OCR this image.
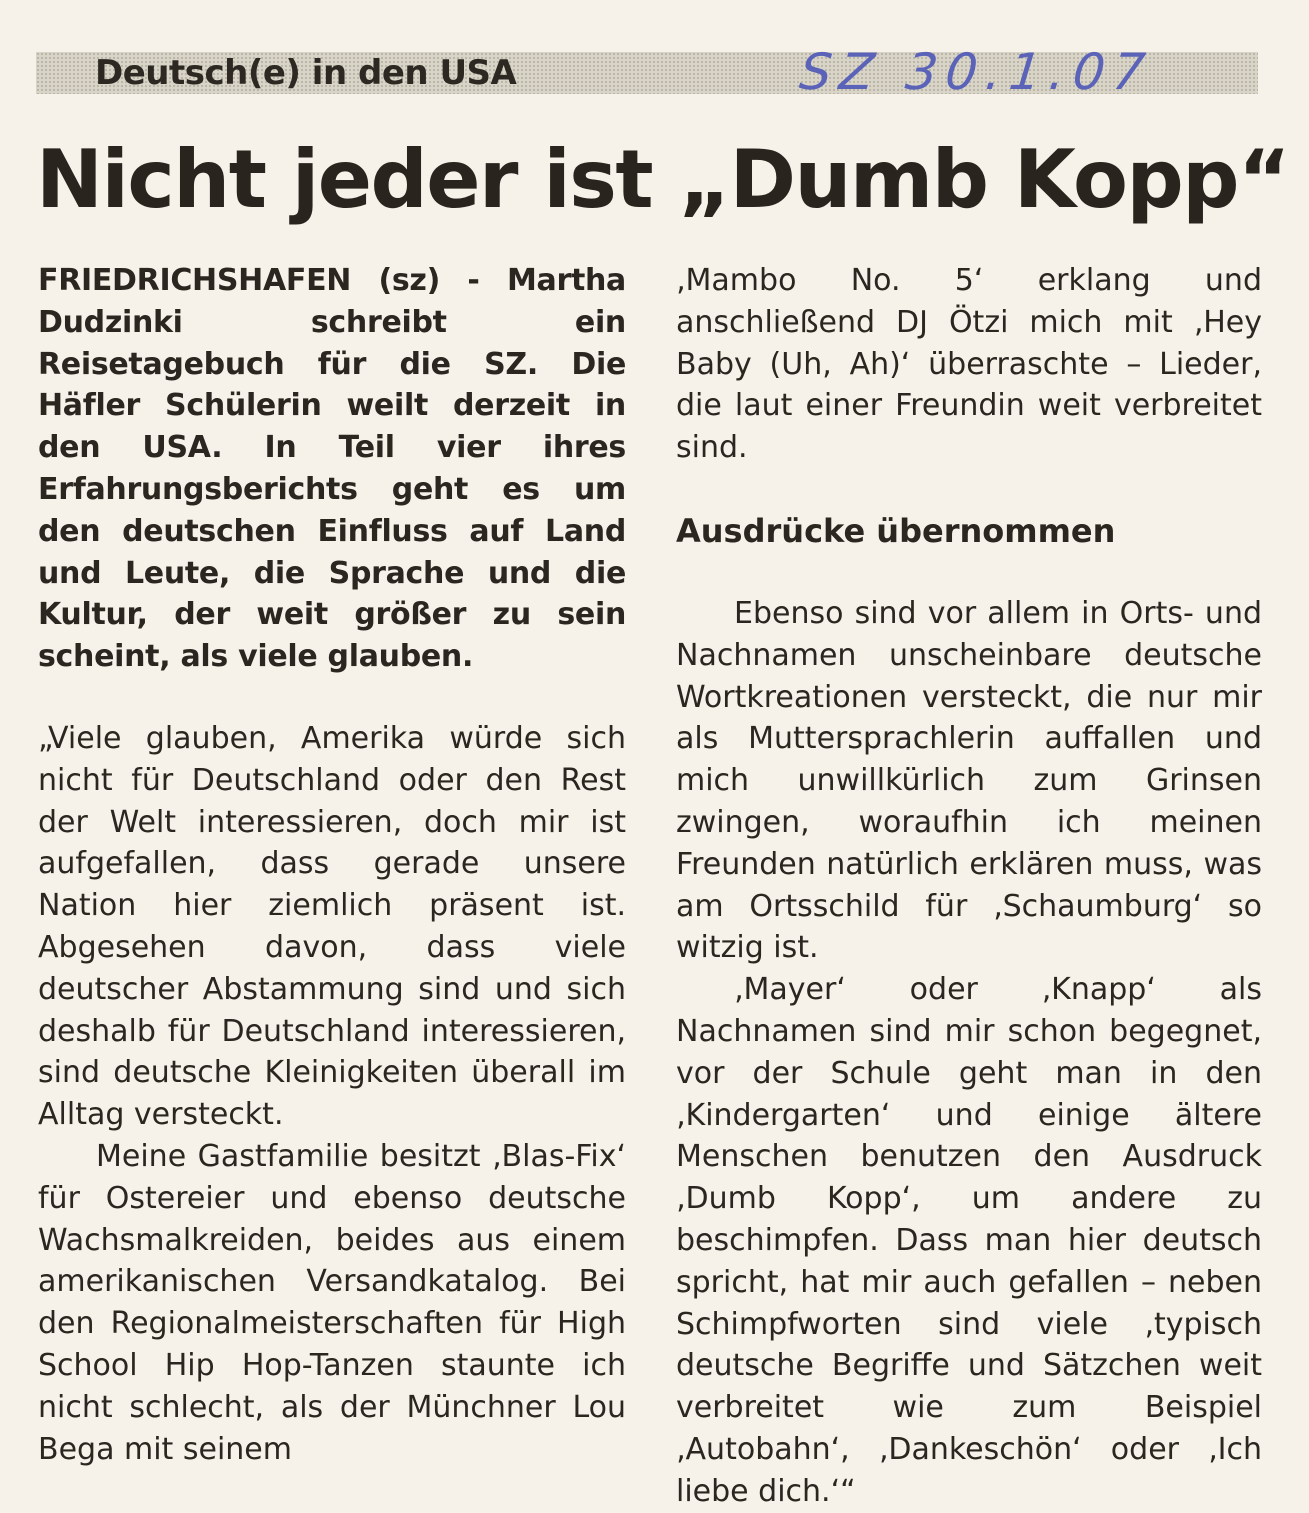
Deutsch(e) in den USA	SZ 30.1.07
Nicht jeder ist „Dumb Kopp“

FRIEDRICHSHAFEN (sz) - Martha Dudzinki schreibt ein Reisetagebuch für die SZ. Die Häfler Schülerin weilt derzeit in den USA. In Teil vier ihres Erfahrungsberichts geht es um den deutschen Einfluss auf Land und Leute, die Sprache und die Kultur, der weit größer zu sein scheint, als viele glauben.

„Viele glauben, Amerika würde sich nicht für Deutschland oder den Rest der Welt interessieren, doch mir ist aufgefallen, dass gerade unsere Nation hier ziemlich präsent ist. Abgesehen davon, dass viele deutscher Abstammung sind und sich deshalb für Deutschland interessieren, sind deutsche Kleinigkeiten überall im Alltag versteckt.

Meine Gastfamilie besitzt ‚Blas-Fix‘ für Ostereier und ebenso deutsche Wachsmalkreiden, beides aus einem amerikanischen Versandkatalog. Bei den Regionalmeisterschaften für High School Hip Hop-Tanzen staunte ich nicht schlecht, als der Münchner Lou Bega mit seinem

‚Mambo No. 5‘ erklang und anschließend DJ Ötzi mich mit ‚Hey Baby (Uh, Ah)‘ überraschte – Lieder, die laut einer Freundin weit verbreitet sind.

Ausdrücke übernommen

Ebenso sind vor allem in Orts- und Nachnamen unscheinbare deutsche Wortkreationen versteckt, die nur mir als Muttersprachlerin auffallen und mich unwillkürlich zum Grinsen zwingen, woraufhin ich meinen Freunden natürlich erklären muss, was am Ortsschild für ‚Schaumburg‘ so witzig ist.

‚Mayer‘ oder ‚Knapp‘ als Nachnamen sind mir schon begegnet, vor der Schule geht man in den ‚Kindergarten‘ und einige ältere Menschen benutzen den Ausdruck ‚Dumb Kopp‘, um andere zu beschimpfen. Dass man hier deutsch spricht, hat mir auch gefallen – neben Schimpfworten sind viele ‚typisch deutsche Begriffe und Sätzchen weit verbreitet wie zum Beispiel ‚Autobahn‘, ‚Dankeschön‘ oder ‚Ich liebe dich.‘“
